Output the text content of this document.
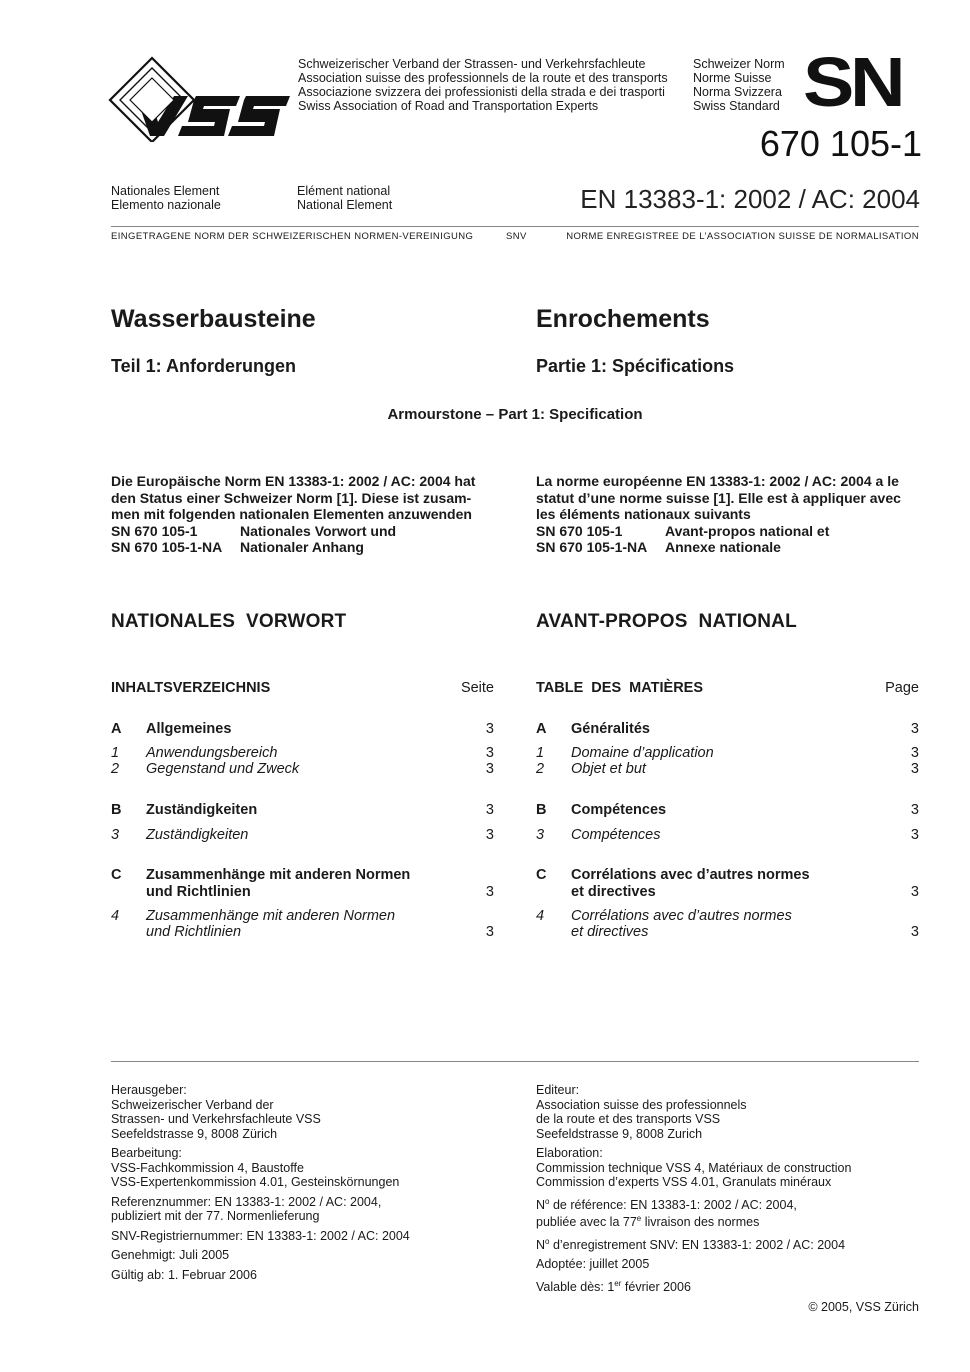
Schweizerischer Verband der Strassen- und Verkehrsfachleute
Association suisse des professionnels de la route et des transports
Associazione svizzera dei professionisti della strada e dei trasporti
Swiss Association of Road and Transportation Experts
Schweizer Norm
Norme Suisse
Norma Svizzera
Swiss Standard SN
670 105-1
Nationales Element
Elemento nazionale
Elément national
National Element	EN 13383-1: 2002 / AC: 2004
EINGETRAGENE NORM DER SCHWEIZERISCHEN NORMEN-VEREINIGUNG	SNV	NORME ENREGISTREE DE L’ASSOCIATION SUISSE DE NORMALISATION
Wasserbausteine
Teil 1: Anforderungen
Enrochements
Partie 1: Spécifications
Armourstone – Part 1: Specification
Die Europäische Norm EN 13383-1: 2002 / AC: 2004 hat
den Status einer Schweizer Norm [1]. Diese ist zusam-
men mit folgenden nationalen Elementen anzuwenden
SN 670 105-1	Nationales Vorwort und
SN 670 105-1-NA Nationaler Anhang
La norme européenne EN 13383-1: 2002 / AC: 2004 a le
statut d’une norme suisse [1]. Elle est à appliquer avec
les éléments nationaux suivants
SN 670 105-1	Avant-propos national et
SN 670 105-1-NA Annexe nationale
NATIONALES  VORWORT	AVANT-PROPOS  NATIONAL
INHALTSVERZEICHNIS	Seite
A Allgemeines	3
1 Anwendungsbereich	3
2 Gegenstand und Zweck	3
B Zuständigkeiten	3
3 Zuständigkeiten	3
C Zusammenhänge mit anderen Normen
und Richtlinien	3
4 Zusammenhänge mit anderen Normen
und Richtlinien	3
TABLE  DES  MATIÈRES	Page
A Généralités	3
1 Domaine d’application	3
2 Objet et but	3
B Compétences	3
3 Compétences	3
C Corrélations avec d’autres normes
et directives	3
4 Corrélations avec d’autres normes
et directives	3
Herausgeber:
Schweizerischer Verband der
Strassen- und Verkehrsfachleute VSS
Seefeldstrasse 9, 8008 Zürich
Bearbeitung:
VSS-Fachkommission 4, Baustoffe
VSS-Expertenkommission 4.01, Gesteinskörnungen
Referenznummer: EN 13383-1: 2002 / AC: 2004,
publiziert mit der 77. Normenlieferung
SNV-Registriernummer: EN 13383-1: 2002 / AC: 2004
Genehmigt: Juli 2005
Gültig ab: 1. Februar 2006
Editeur:
Association suisse des professionnels
de la route et des transports VSS
Seefeldstrasse 9, 8008 Zurich
Elaboration:
Commission technique VSS 4, Matériaux de construction
Commission d’experts VSS 4.01, Granulats minéraux
$N^o$ de référence: EN 13383-1: 2002 / AC: 2004,
publiée avec la 77e livraison des normes
$N^o$ d’enregistrement SNV: EN 13383-1: 2002 / AC: 2004
Adoptée: juillet 2005
Valable dès: 1er février 2006
© 2005, VSS Zürich
